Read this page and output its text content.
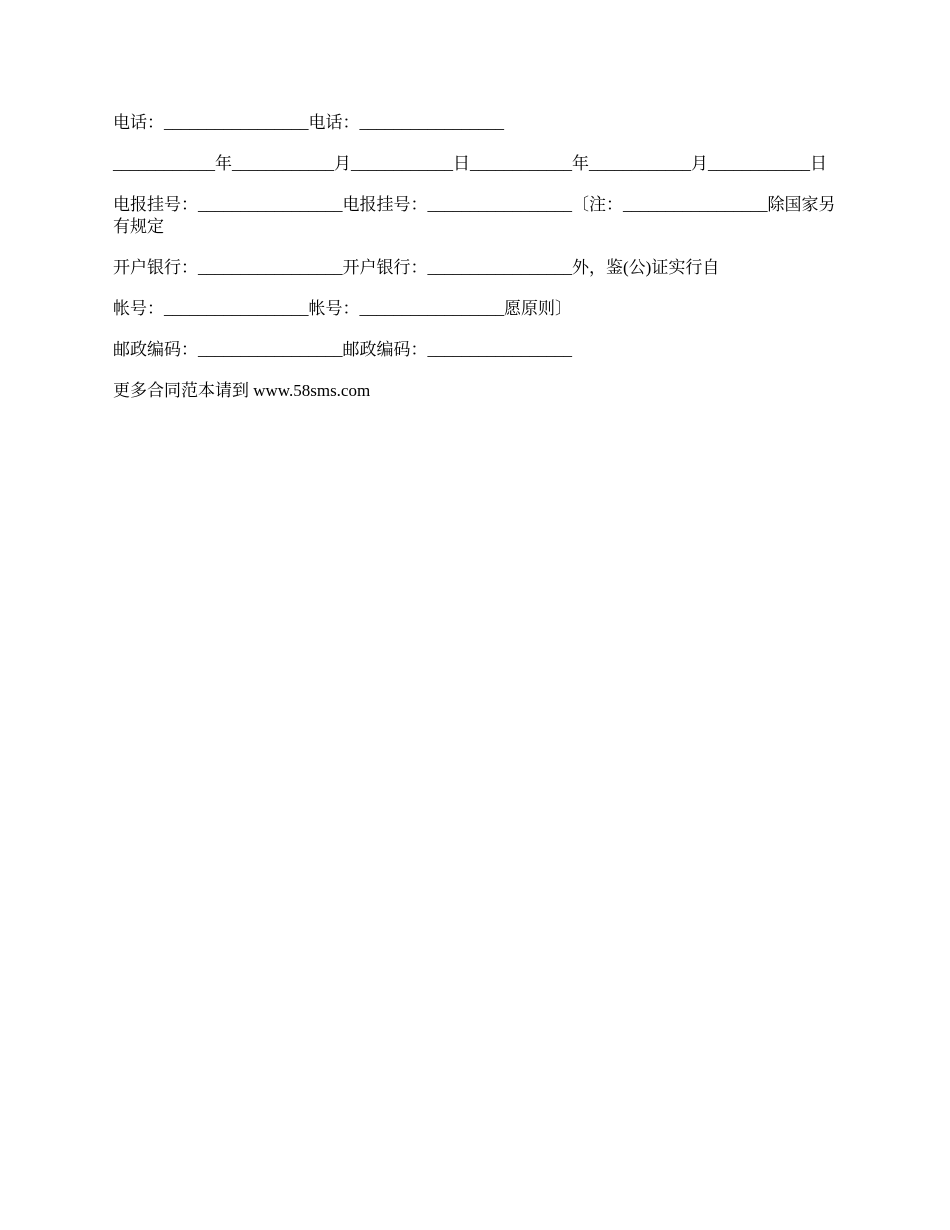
电话：_________________电话：_________________

____________年____________月____________日____________年____________月____________日

电报挂号：_________________电报挂号：_________________〔注：_________________除国家另有规定

开户银行：_________________开户银行：_________________外，鉴(公)证实行自

帐号：_________________帐号：_________________愿原则〕

邮政编码：_________________邮政编码：_________________

更多合同范本请到 www.58sms.com
